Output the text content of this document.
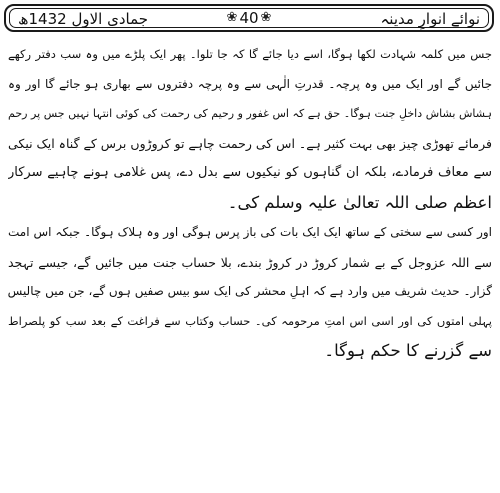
نوائے انوارِ مدینہ
❀ 40 ❀
جمادی الاول 1432ھ
جس میں کلمہ شہادت لکھا ہوگا، اسے دیا جائے گا کہ جا تلوا۔ پھر ایک پلڑے میں وہ سب دفتر رکھے
جائیں گے اور ایک میں وہ پرچہ۔ قدرتِ الٰہی سے وہ پرچہ دفتروں سے بھاری ہو جائے گا اور وہ
ہشاش بشاش داخلِ جنت ہوگا۔ حق ہے کہ اس غفور و رحیم کی رحمت کی کوئی انتہا نہیں جس پر رحم
فرمائے تھوڑی چیز بھی بہت کثیر ہے۔ اس کی رحمت چاہے تو کروڑوں برس کے گناہ ایک نیکی
سے معاف فرمادے، بلکہ ان گناہوں کو نیکیوں سے بدل دے، پس غلامی ہونے چاہیے سرکار
اعظم صلی اللہ تعالیٰ علیہ وسلم کی۔
اور کسی سے سختی کے ساتھ ایک ایک بات کی باز پرس ہوگی اور وہ ہلاک ہوگا۔ جبکہ اس امت
سے اللہ عزوجل کے بے شمار کروڑ در کروڑ بندے، بلا حساب جنت میں جائیں گے، جیسے تہجد
گزار۔ حدیث شریف میں وارد ہے کہ اہلِ محشر کی ایک سو بیس صفیں ہوں گے، جن میں چالیس
پہلی امتوں کی اور اسی اس امتِ مرحومہ کی۔ حساب وکتاب سے فراغت کے بعد سب کو پلصراط
سے گزرنے کا حکم ہوگا۔
